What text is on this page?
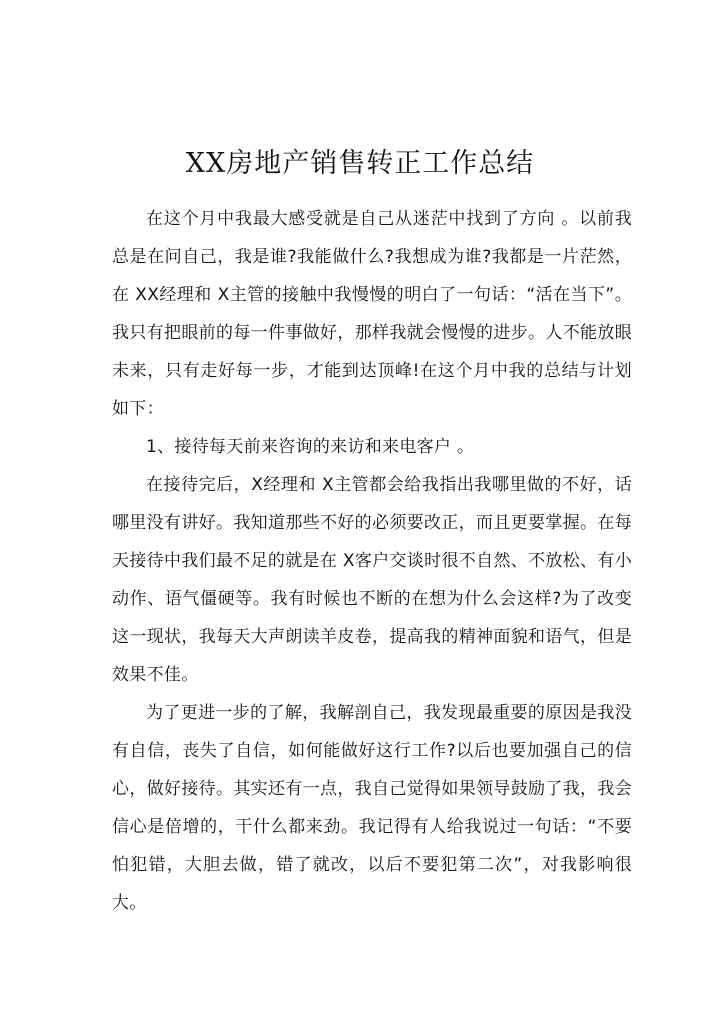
XX房地产销售转正工作总结

在这个月中我最大感受就是自己从迷茫中找到了方向 。以前我总是在问自己，我是谁?我能做什么?我想成为谁?我都是一片茫然，在 XX经理和 X主管的接触中我慢慢的明白了一句话：“活在当下”。我只有把眼前的每一件事做好，那样我就会慢慢的进步。人不能放眼未来，只有走好每一步，才能到达顶峰!在这个月中我的总结与计划如下：

1、接待每天前来咨询的来访和来电客户 。

在接待完后，X经理和 X主管都会给我指出我哪里做的不好，话哪里没有讲好。我知道那些不好的必须要改正，而且更要掌握。在每天接待中我们最不足的就是在 X客户交谈时很不自然、不放松、有小动作、语气僵硬等。我有时候也不断的在想为什么会这样?为了改变这一现状，我每天大声朗读羊皮卷，提高我的精神面貌和语气，但是效果不佳。

为了更进一步的了解，我解剖自己，我发现最重要的原因是我没有自信，丧失了自信，如何能做好这行工作?以后也要加强自己的信心，做好接待。其实还有一点，我自己觉得如果领导鼓励了我，我会信心是倍增的，干什么都来劲。我记得有人给我说过一句话：“不要怕犯错，大胆去做，错了就改，以后不要犯第二次”，对我影响很大。
